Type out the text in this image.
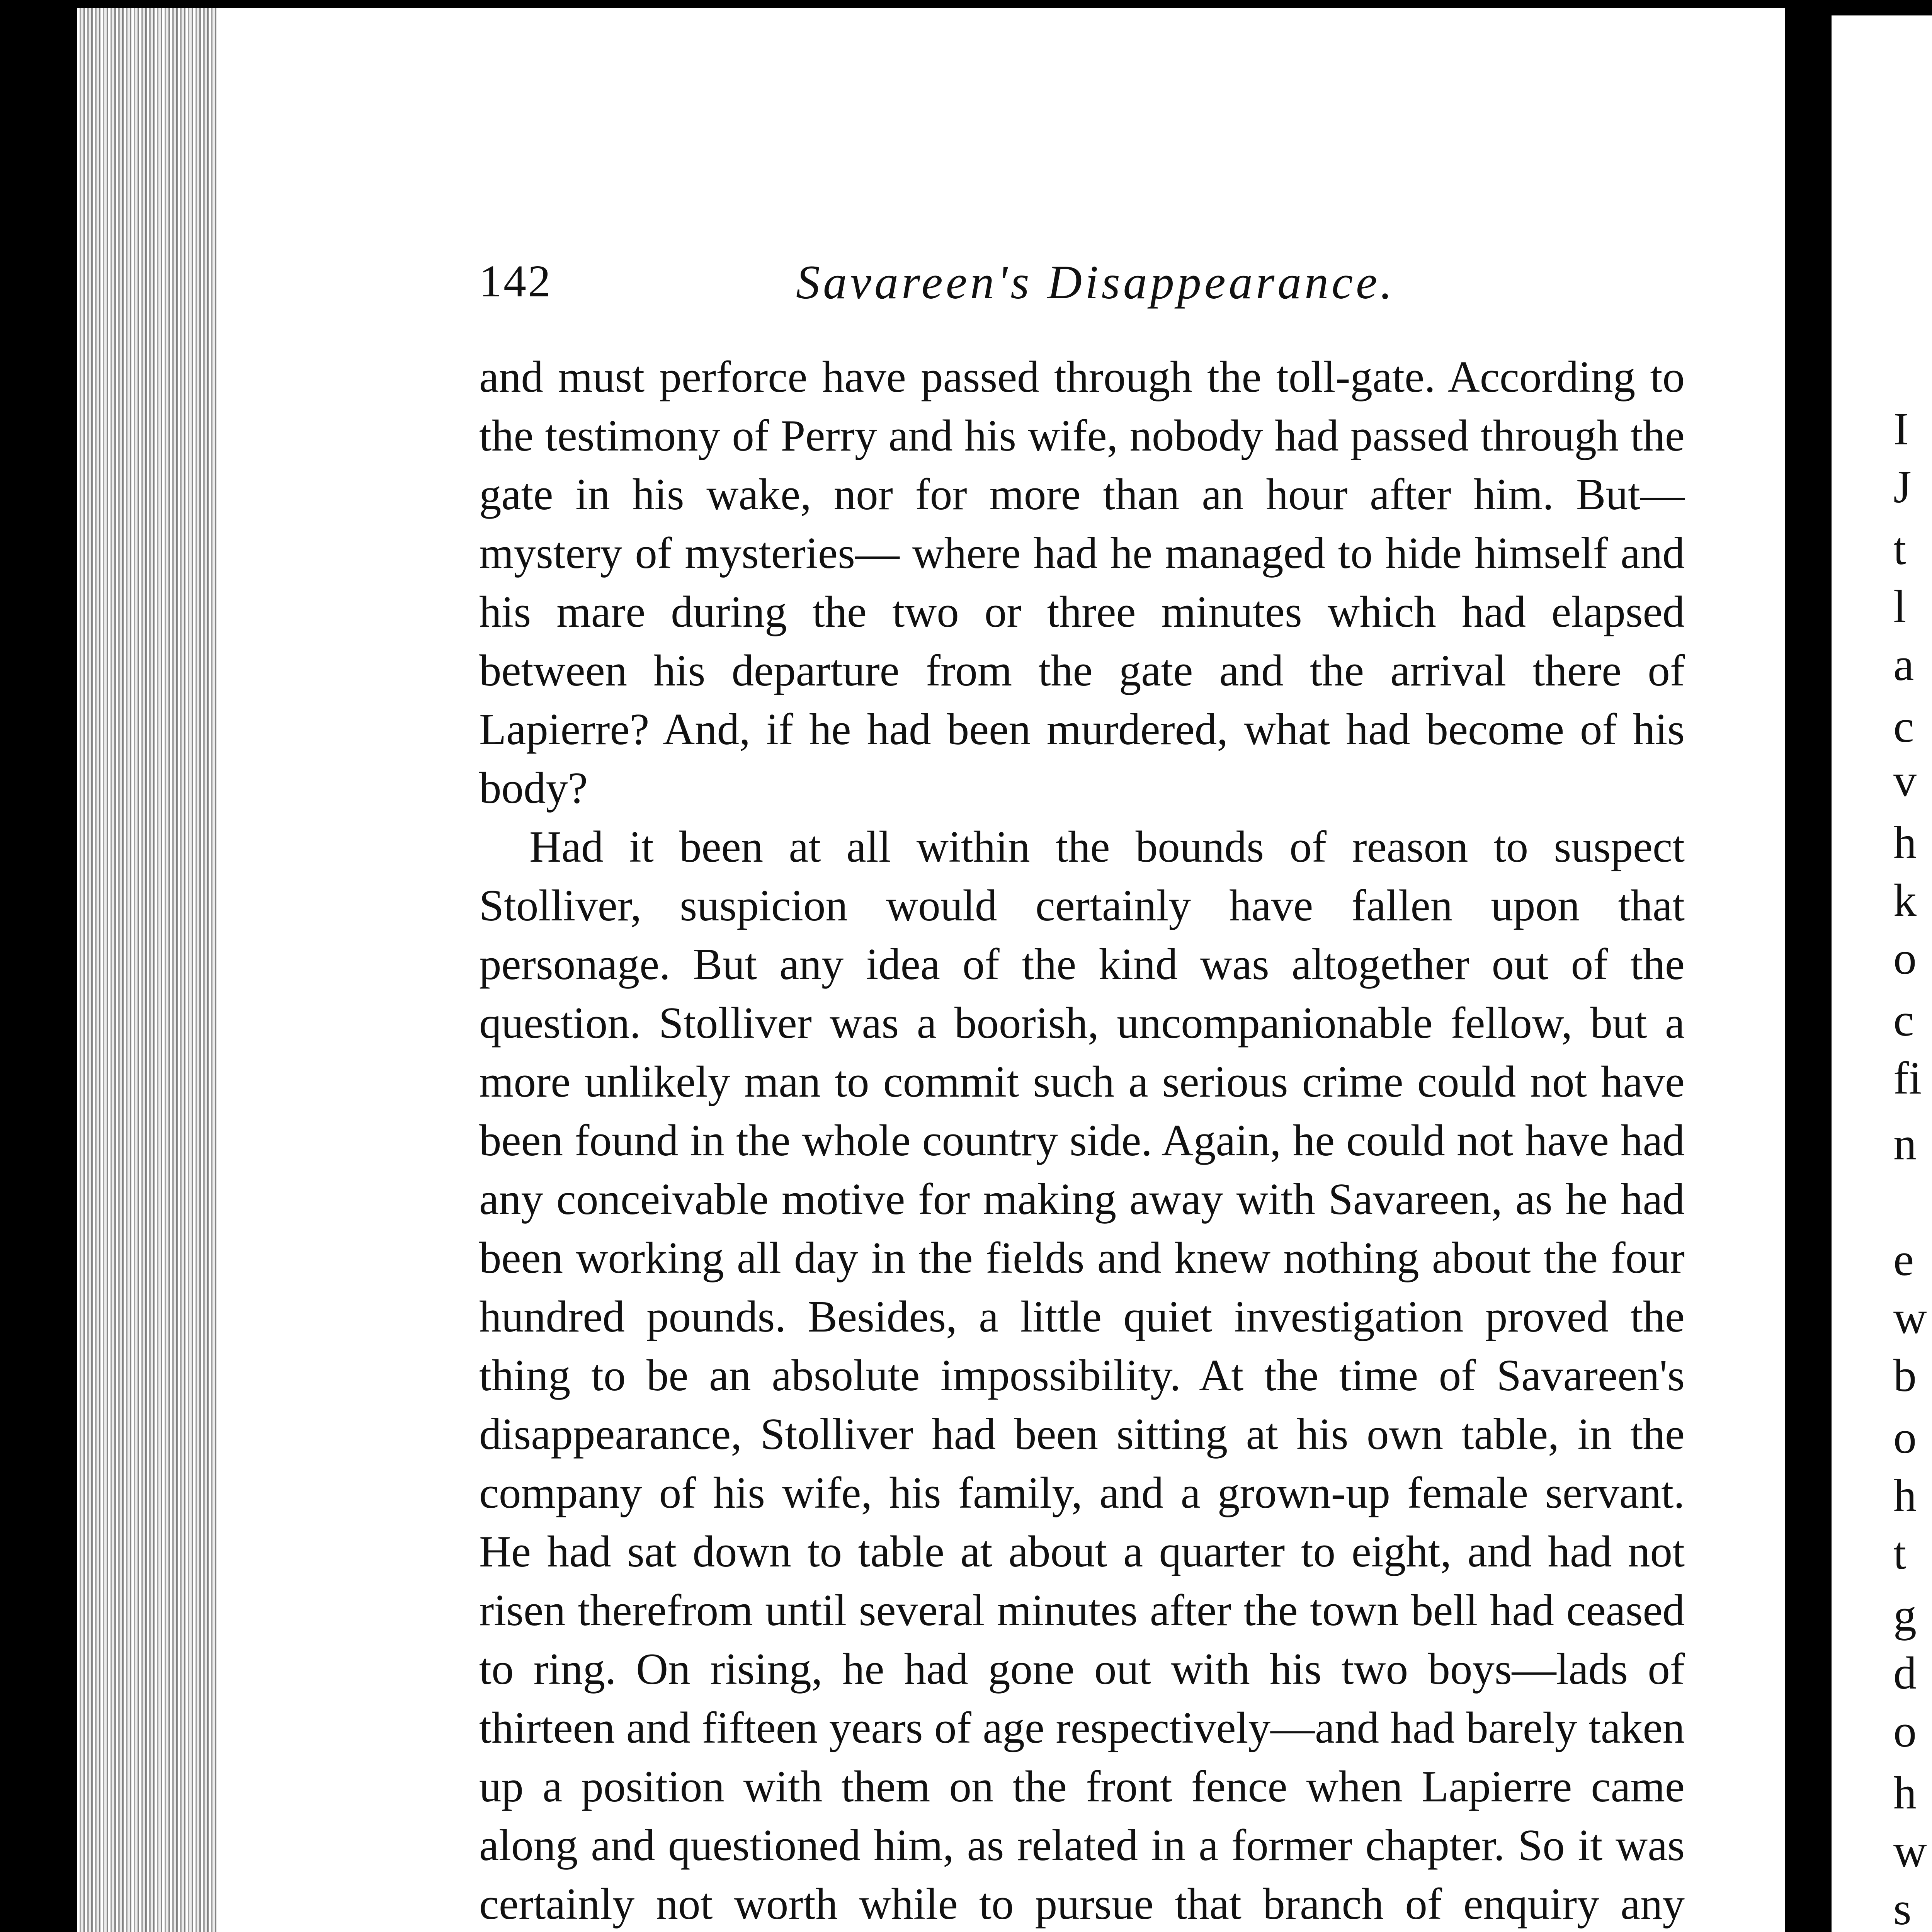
I
J
t
l
a
c
v
h
k
o
c
fi
n
e
w
b
o
h
t
g
d
o
h
w
s
142	Savareen's Disappearance.

and must perforce have passed through the toll-gate. According to the testimony of Perry and his wife, nobody had passed through the gate in his wake, nor for more than an hour after him. But—mystery of mysteries— where had he managed to hide himself and his mare during the two or three minutes which had elapsed between his departure from the gate and the arrival there of Lapierre? And, if he had been murdered, what had become of his body?

Had it been at all within the bounds of reason to suspect Stolliver, suspicion would certainly have fallen upon that personage. But any idea of the kind was altogether out of the question. Stolliver was a boorish, uncompanionable fellow, but a more unlikely man to commit such a serious crime could not have been found in the whole country side. Again, he could not have had any conceivable motive for making away with Savareen, as he had been working all day in the fields and knew nothing about the four hundred pounds. Besides, a little quiet investigation proved the thing to be an absolute impossibility. At the time of Savareen's disappearance, Stolliver had been sitting at his own table, in the company of his wife, his family, and a grown-up female servant. He had sat down to table at about a quarter to eight, and had not risen therefrom until several minutes after the town bell had ceased to ring. On rising, he had gone out with his two boys—lads of thirteen and fifteen years of age respectively—and had barely taken up a position with them on the front fence when Lapierre came along and questioned him, as related in a former chapter. So it was certainly not worth while to pursue that branch of enquiry any
